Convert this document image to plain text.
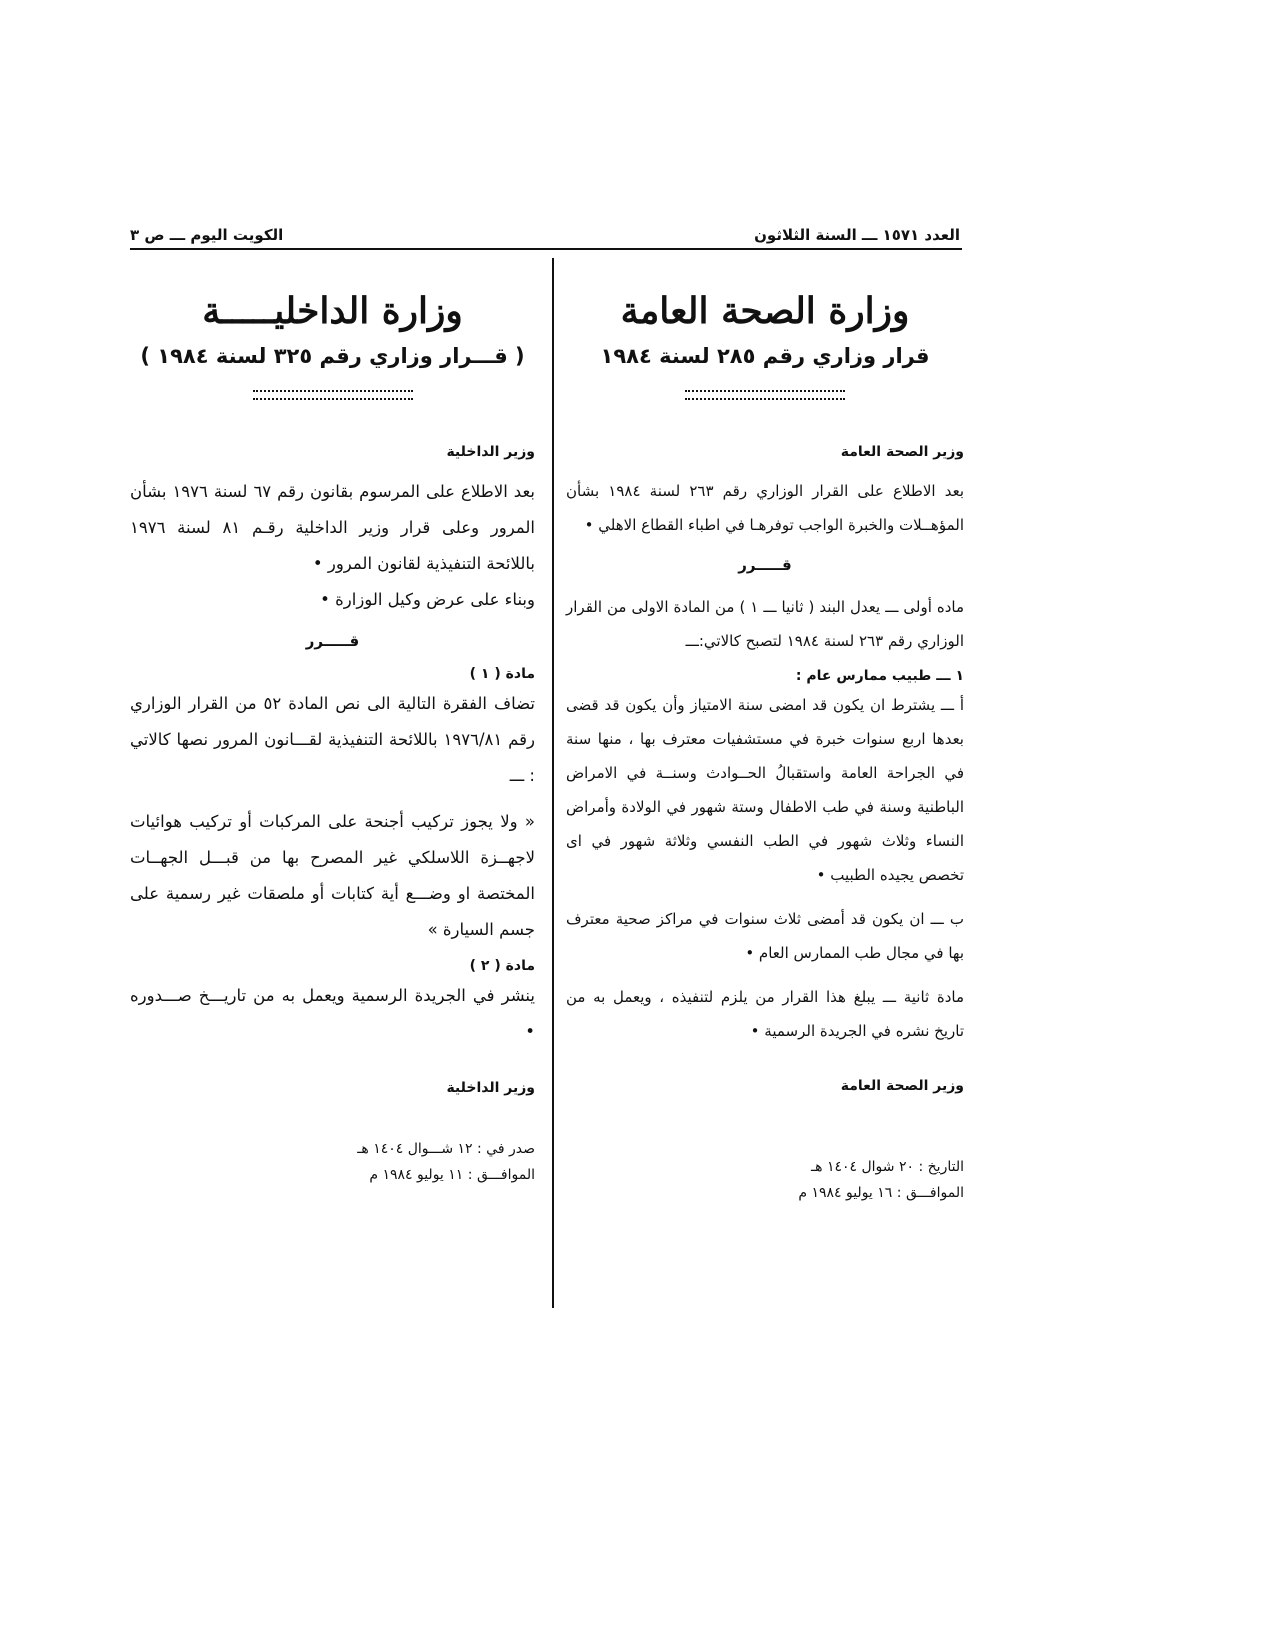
العدد ١٥٧١ ـــ السنة الثلاثون
الكويت اليوم ـــ ص ٣
وزارة الصحة العامة
قرار وزاري رقم ٢٨٥ لسنة ١٩٨٤
وزير الصحة العامة

بعد الاطلاع على القرار الوزاري رقم ٢٦٣ لسنة ١٩٨٤ بشأن المؤهــلات والخبرة الواجب توفرهـا في اطباء القطاع الاهلي •

قـــــرر

ماده أولى ـــ يعدل البند ( ثانيا ـــ ١ ) من المادة الاولى من القرار الوزاري رقم ٢٦٣ لسنة ١٩٨٤ لتصبح كالاتي:ـــ

١ ـــ طبيب ممارس عام :

أ ـــ يشترط ان يكون قد امضى سنة الامتياز وأن يكون قد قضى بعدها اربع سنوات خبرة في مستشفيات معترف بها ، منها سنة في الجراحة العامة واستقبالُ الحــوادث وسنــة في الامراض الباطنية وسنة في طب الاطفال وستة شهور في الولادة وأمراض النساء وثلاث شهور في الطب النفسي وثلاثة شهور في اى تخصص يجيده الطبيب •

ب ـــ ان يكون قد أمضى ثلاث سنوات في مراكز صحية معترف بها في مجال طب الممارس العام •

مادة ثانية ـــ يبلغ هذا القرار من يلزم لتنفيذه ، ويعمل به من تاريخ نشره في الجريدة الرسمية •

وزير الصحة العامة
التاريخ : ٢٠ شوال ١٤٠٤ هـ
الموافـــق : ١٦ يوليو ١٩٨٤ م
وزارة الداخليـــــة
( قـــرار وزاري رقم ٣٢٥ لسنة ١٩٨٤ )
وزير الداخلية

بعد الاطلاع على المرسوم بقانون رقم ٦٧ لسنة ١٩٧٦ بشأن المرور وعلى قرار وزير الداخلية رقـم ٨١ لسنة ١٩٧٦ باللائحة التنفيذية لقانون المرور •

وبناء على عرض وكيل الوزارة •

قـــــرر
مادة ( ١ )

تضاف الفقرة التالية الى نص المادة ٥٢ من القرار الوزاري رقم ١٩٧٦/٨١ باللائحة التنفيذية لقـــانون المرور نصها كالاتي : ـــ

« ولا يجوز تركيب أجنحة على المركبات أو تركيب هوائيات لاجهــزة اللاسلكي غير المصرح بها من قبـــل الجهــات المختصة او وضـــع أية كتابات أو ملصقات غير رسمية على جسم السيارة »

مادة ( ٢ )

ينشر في الجريدة الرسمية ويعمل به من تاريـــخ صـــدوره •

وزير الداخلية
صدر في : ١٢ شـــوال ١٤٠٤ هـ
الموافـــق : ١١ يوليو ١٩٨٤ م
